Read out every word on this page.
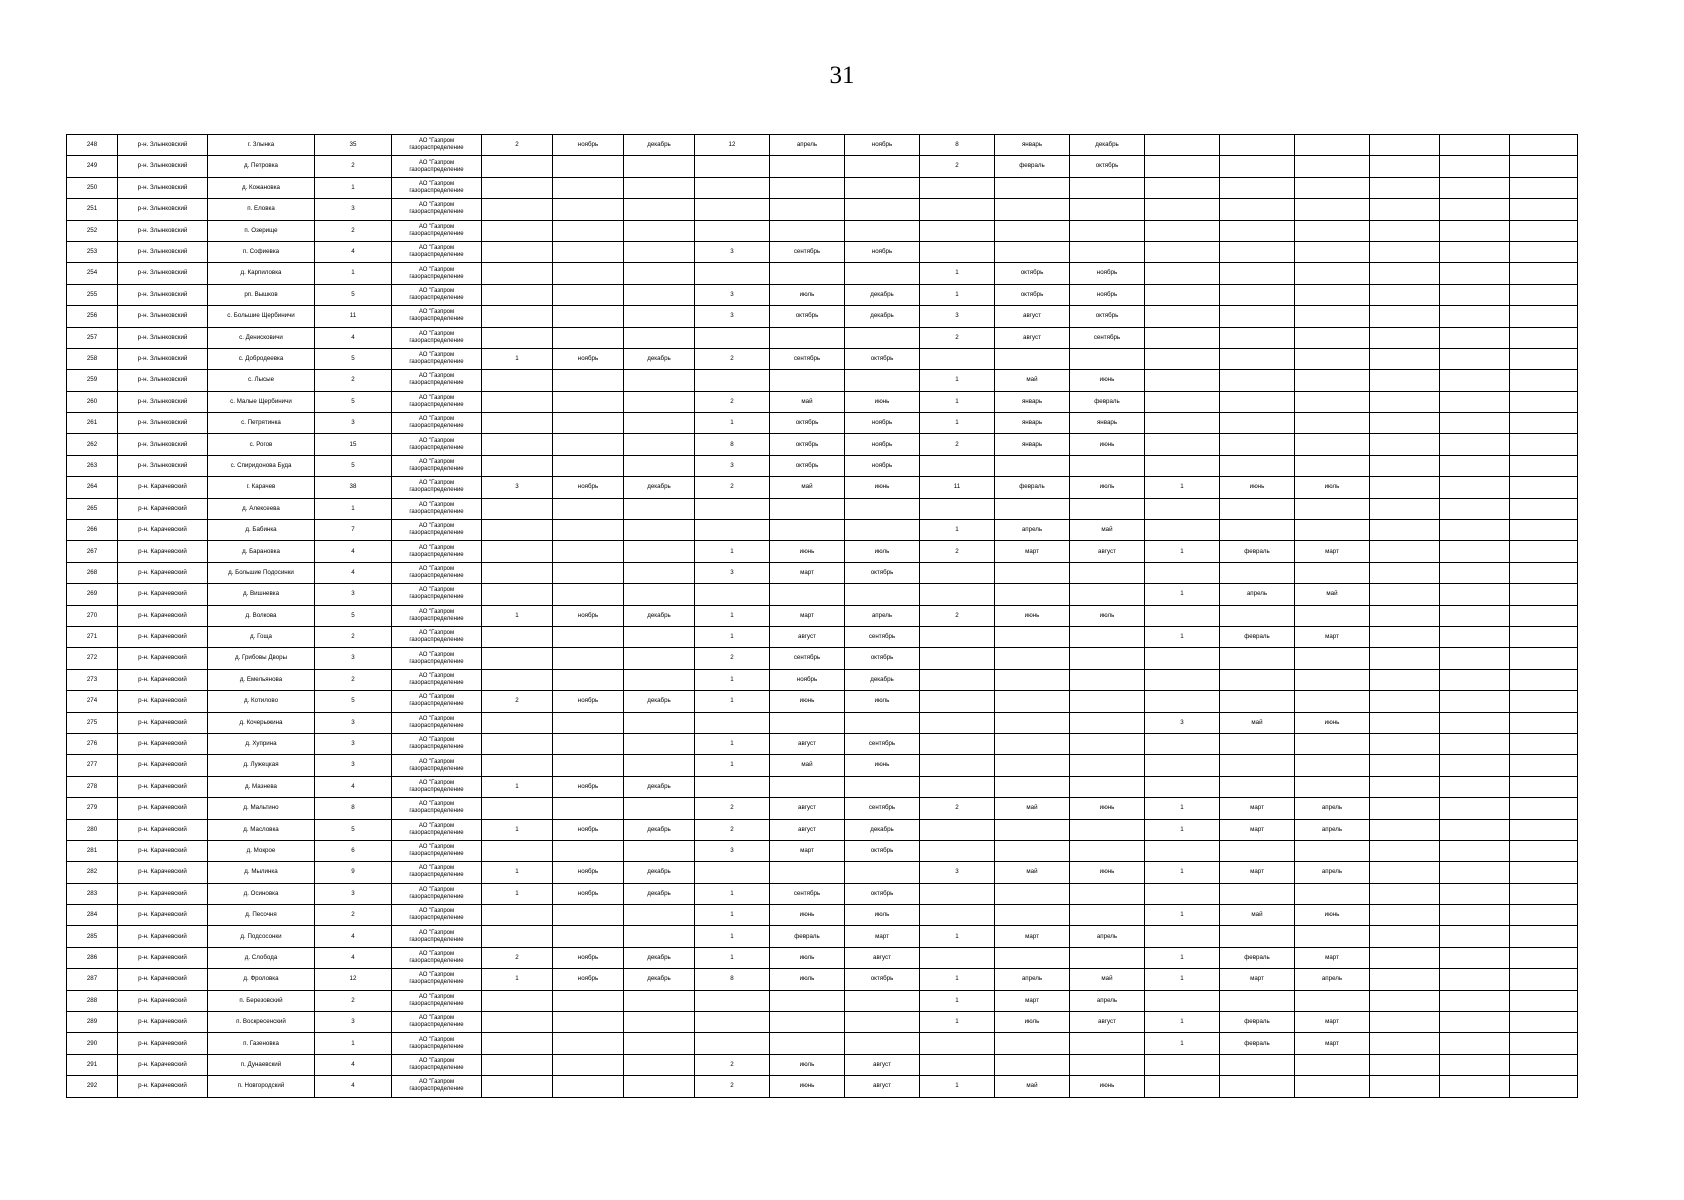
31
248	р-н. Злынковский	г. Злынка	35	АО "Газпром газораспределение	2	ноябрь	декабрь	12	апрель	ноябрь	8	январь	декабрь						
249	р-н. Злынковский	д. Петровка	2	АО "Газпром газораспределение							2	февраль	октябрь						
250	р-н. Злынковский	д. Кожановка	1	АО "Газпром газораспределение															
251	р-н. Злынковский	п. Еловка	3	АО "Газпром газораспределение															
252	р-н. Злынковский	п. Озерище	2	АО "Газпром газораспределение															
253	р-н. Злынковский	п. Софиевка	4	АО "Газпром газораспределение				3	сентябрь	ноябрь									
254	р-н. Злынковский	д. Карпиловка	1	АО "Газпром газораспределение							1	октябрь	ноябрь						
255	р-н. Злынковский	рп. Вышков	5	АО "Газпром газораспределение				3	июль	декабрь	1	октябрь	ноябрь						
256	р-н. Злынковский	с. Большие Щербиничи	11	АО "Газпром газораспределение				3	октябрь	декабрь	3	август	октябрь						
257	р-н. Злынковский	с. Денисковичи	4	АО "Газпром газораспределение							2	август	сентябрь						
258	р-н. Злынковский	с. Добродеевка	5	АО "Газпром газораспределение	1	ноябрь	декабрь	2	сентябрь	октябрь									
259	р-н. Злынковский	с. Лысые	2	АО "Газпром газораспределение							1	май	июнь						
260	р-н. Злынковский	с. Малые Щербиничи	5	АО "Газпром газораспределение				2	май	июнь	1	январь	февраль						
261	р-н. Злынковский	с. Петрятинка	3	АО "Газпром газораспределение				1	октябрь	ноябрь	1	январь	январь						
262	р-н. Злынковский	с. Рогов	15	АО "Газпром газораспределение				8	октябрь	ноябрь	2	январь	июнь						
263	р-н. Злынковский	с. Спиридонова Буда	5	АО "Газпром газораспределение				3	октябрь	ноябрь									
264	р-н. Карачевский	г. Карачев	38	АО "Газпром газораспределение	3	ноябрь	декабрь	2	май	июнь	11	февраль	июль	1	июнь	июль			
265	р-н. Карачевский	д. Алексеева	1	АО "Газпром газораспределение															
266	р-н. Карачевский	д. Бабинка	7	АО "Газпром газораспределение							1	апрель	май						
267	р-н. Карачевский	д. Барановка	4	АО "Газпром газораспределение				1	июнь	июль	2	март	август	1	февраль	март			
268	р-н. Карачевский	д. Большие Подосинки	4	АО "Газпром газораспределение				3	март	октябрь									
269	р-н. Карачевский	д. Вишневка	3	АО "Газпром газораспределение										1	апрель	май			
270	р-н. Карачевский	д. Волкова	5	АО "Газпром газораспределение	1	ноябрь	декабрь	1	март	апрель	2	июнь	июль						
271	р-н. Карачевский	д. Гоща	2	АО "Газпром газораспределение				1	август	сентябрь				1	февраль	март			
272	р-н. Карачевский	д. Грибовы Дворы	3	АО "Газпром газораспределение				2	сентябрь	октябрь									
273	р-н. Карачевский	д. Емельянова	2	АО "Газпром газораспределение				1	ноябрь	декабрь									
274	р-н. Карачевский	д. Котилово	5	АО "Газпром газораспределение	2	ноябрь	декабрь	1	июнь	июль									
275	р-н. Карачевский	д. Кочерыжина	3	АО "Газпром газораспределение										3	май	июнь			
276	р-н. Карачевский	д. Хуприна	3	АО "Газпром газораспределение				1	август	сентябрь									
277	р-н. Карачевский	д. Лужецкая	3	АО "Газпром газораспределение				1	май	июнь									
278	р-н. Карачевский	д. Мазнева	4	АО "Газпром газораспределение	1	ноябрь	декабрь												
279	р-н. Карачевский	д. Мальтино	8	АО "Газпром газораспределение				2	август	сентябрь	2	май	июнь	1	март	апрель			
280	р-н. Карачевский	д. Масловка	5	АО "Газпром газораспределение	1	ноябрь	декабрь	2	август	декабрь				1	март	апрель			
281	р-н. Карачевский	д. Мокрое	6	АО "Газпром газораспределение				3	март	октябрь									
282	р-н. Карачевский	д. Мылинка	9	АО "Газпром газораспределение	1	ноябрь	декабрь				3	май	июнь	1	март	апрель			
283	р-н. Карачевский	д. Осиновка	3	АО "Газпром газораспределение	1	ноябрь	декабрь	1	сентябрь	октябрь									
284	р-н. Карачевский	д. Песочня	2	АО "Газпром газораспределение				1	июнь	июль				1	май	июнь			
285	р-н. Карачевский	д. Подсосонки	4	АО "Газпром газораспределение				1	февраль	март	1	март	апрель						
286	р-н. Карачевский	д. Слобода	4	АО "Газпром газораспределение	2	ноябрь	декабрь	1	июль	август				1	февраль	март			
287	р-н. Карачевский	д. Фроловка	12	АО "Газпром газораспределение	1	ноябрь	декабрь	8	июль	октябрь	1	апрель	май	1	март	апрель			
288	р-н. Карачевский	п. Березовский	2	АО "Газпром газораспределение							1	март	апрель						
289	р-н. Карачевский	п. Воскресенский	3	АО "Газпром газораспределение							1	июль	август	1	февраль	март			
290	р-н. Карачевский	п. Газеновка	1	АО "Газпром газораспределение										1	февраль	март			
291	р-н. Карачевский	п. Дунаевский	4	АО "Газпром газораспределение				2	июль	август									
292	р-н. Карачевский	п. Новгородский	4	АО "Газпром газораспределение				2	июнь	август	1	май	июнь						
